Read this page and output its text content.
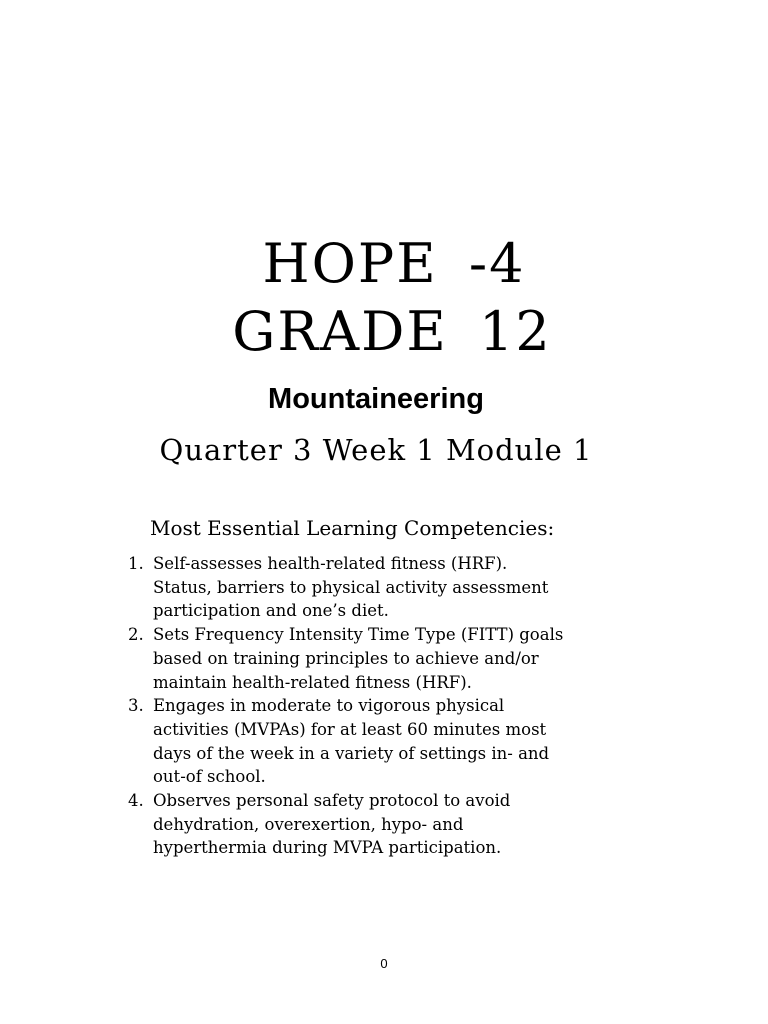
HOPE -4
GRADE 12
Mountaineering
Quarter 3 Week 1 Module 1
Most Essential Learning Competencies:
1. Self-assesses health-related fitness (HRF).
Status, barriers to physical activity assessment
participation and one’s diet.
2. Sets Frequency Intensity Time Type (FITT) goals
based on training principles to achieve and/or
maintain health-related fitness (HRF).
3. Engages in moderate to vigorous physical
activities (MVPAs) for at least 60 minutes most
days of the week in a variety of settings in- and
out-of school.
4. Observes personal safety protocol to avoid
dehydration, overexertion, hypo- and
hyperthermia during MVPA participation.
0
